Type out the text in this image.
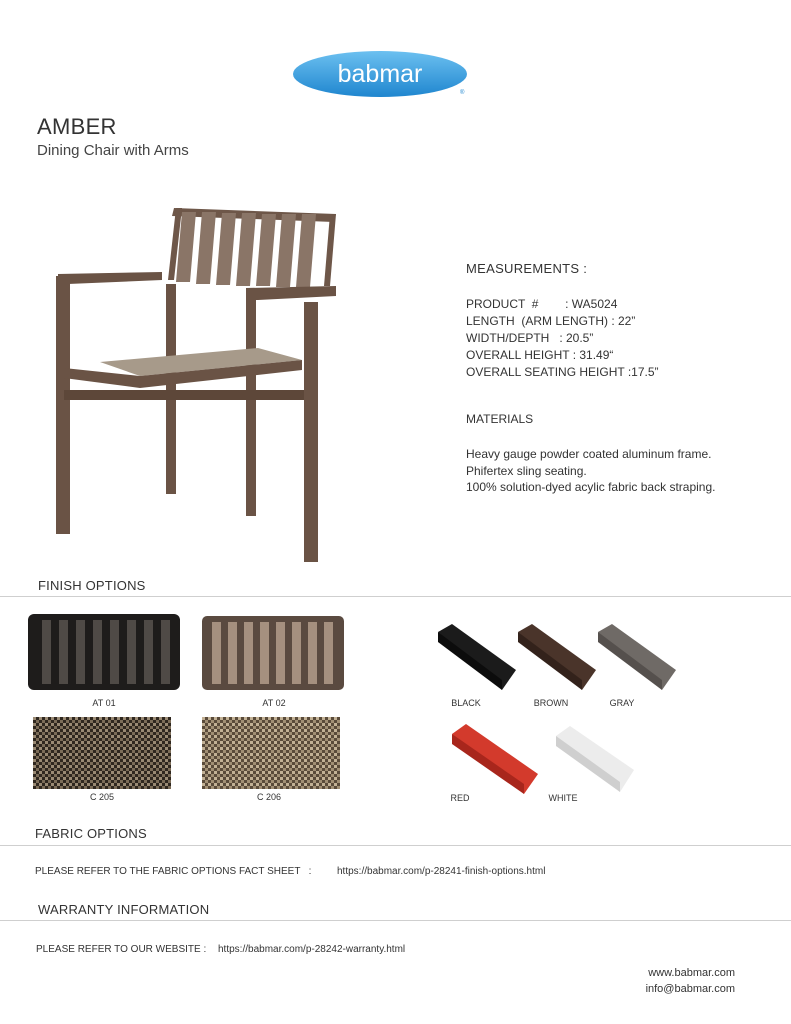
babmar
®
AMBER
Dining Chair with Arms
MEASUREMENTS :
PRODUCT  #        : WA5024
LENGTH  (ARM LENGTH) : 22”
WIDTH/DEPTH   : 20.5”
OVERALL HEIGHT : 31.49“
OVERALL SEATING HEIGHT :17.5”
MATERIALS
Heavy gauge powder coated aluminum frame.
Phifertex sling seating.
100% solution-dyed acylic fabric back straping.
FINISH OPTIONS
AT 01	AT 02
C 205	C 206
BLACK	BROWN	GRAY
RED	WHITE
FABRIC OPTIONS
PLEASE REFER TO THE FABRIC OPTIONS FACT SHEET   :	https://babmar.com/p-28241-finish-options.html
WARRANTY INFORMATION
PLEASE REFER TO OUR WEBSITE : https://babmar.com/p-28242-warranty.html
www.babmar.com
info@babmar.com
